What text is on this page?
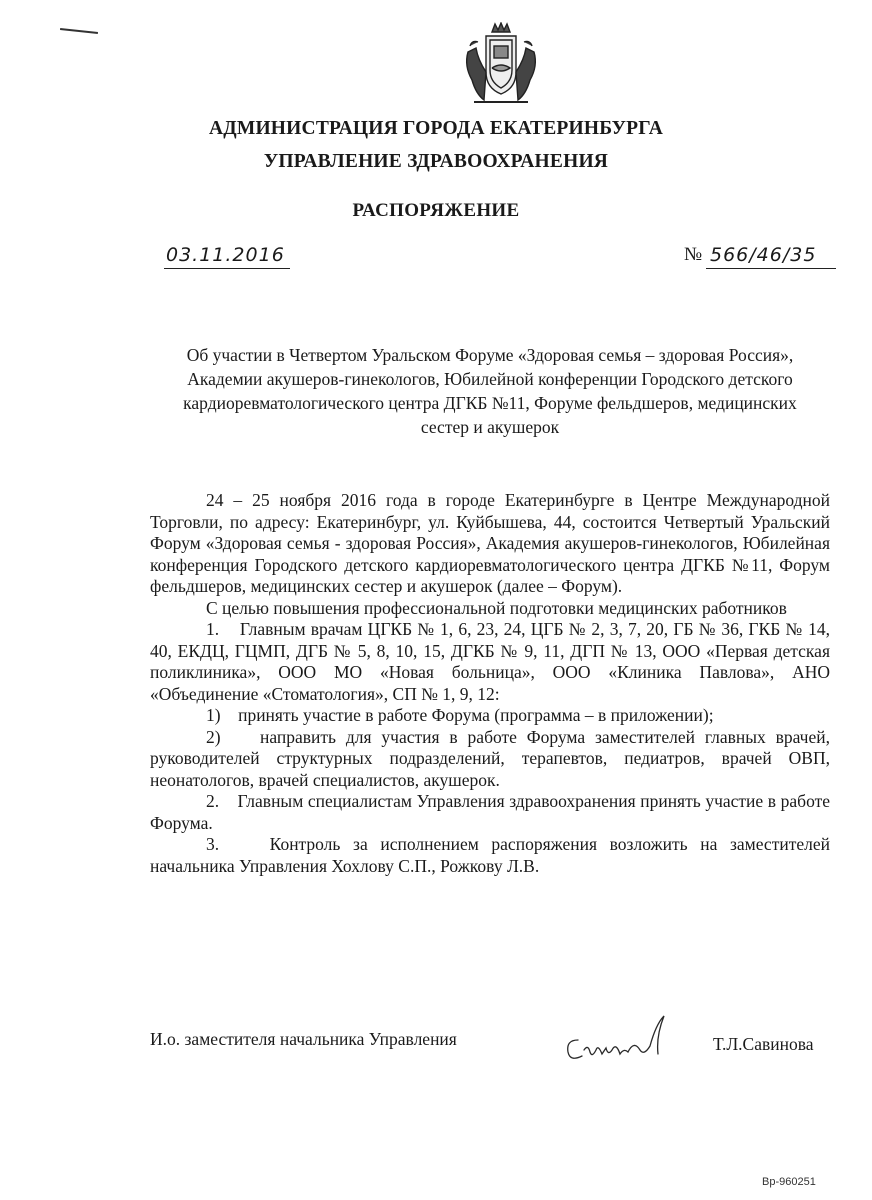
АДМИНИСТРАЦИЯ ГОРОДА ЕКАТЕРИНБУРГА
УПРАВЛЕНИЕ ЗДРАВООХРАНЕНИЯ
РАСПОРЯЖЕНИЕ
03.11.2016	№ 566/46/35
Об участии в Четвертом Уральском Форуме «Здоровая семья – здоровая Россия», Академии акушеров-гинекологов, Юбилейной конференции Городского детского кардиоревматологического центра ДГКБ №11, Форуме фельдшеров, медицинских сестер и акушерок

24 – 25 ноября 2016 года в городе Екатеринбурге в Центре Международной Торговли, по адресу: Екатеринбург, ул. Куйбышева, 44, состоится Четвертый Уральский Форум «Здоровая семья - здоровая Россия», Академия акушеров-гинекологов, Юбилейная конференция Городского детского кардиоревматологического центра ДГКБ №11, Форум фельдшеров, медицинских сестер и акушерок (далее – Форум).

С целью повышения профессиональной подготовки медицинских работников

1.    Главным врачам ЦГКБ № 1, 6, 23, 24, ЦГБ № 2, 3, 7, 20, ГБ № 36, ГКБ № 14, 40, ЕКДЦ, ГЦМП, ДГБ № 5, 8, 10, 15, ДГКБ № 9, 11, ДГП № 13, ООО «Первая детская поликлиника», ООО МО «Новая больница», ООО «Клиника Павлова», АНО «Объединение «Стоматология», СП № 1, 9, 12:

1)    принять участие в работе Форума (программа – в приложении);

2)    направить для участия в работе Форума заместителей главных врачей, руководителей структурных подразделений, терапевтов, педиатров, врачей ОВП, неонатологов, врачей специалистов, акушерок.

2.    Главным специалистам Управления здравоохранения принять участие в работе Форума.

3.    Контроль за исполнением распоряжения возложить на заместителей начальника Управления Хохлову С.П., Рожкову Л.В.

И.о. заместителя начальника Управления	Т.Л.Савинова
Вр-960251
